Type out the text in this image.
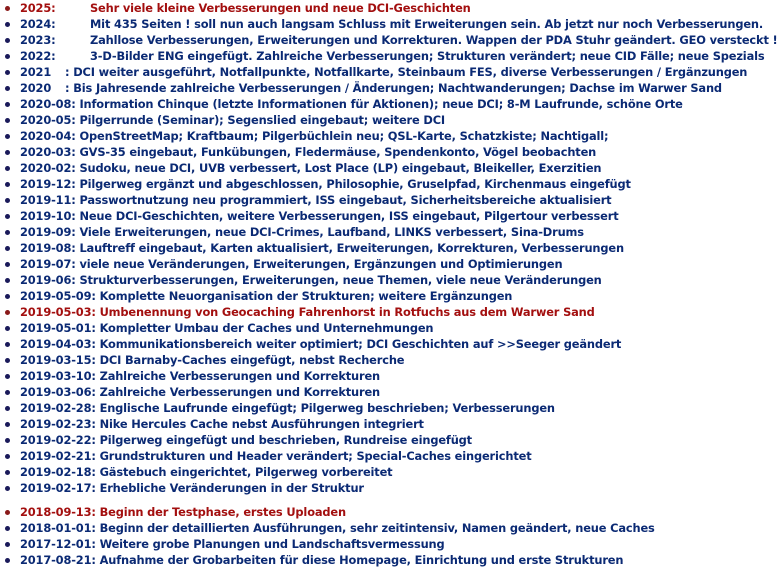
2025:	Sehr viele kleine Verbesserungen und neue DCI-Geschichten
2024:	Mit 435 Seiten ! soll nun auch langsam Schluss mit Erweiterungen sein. Ab jetzt nur noch Verbesserungen.
2023:	Zahllose Verbesserungen, Erweiterungen und Korrekturen. Wappen der PDA Stuhr geändert. GEO versteckt !
2022:	3-D-Bilder ENG eingefügt. Zahlreiche Verbesserungen; Strukturen verändert; neue CID Fälle; neue Spezials
2021 : DCI weiter ausgeführt, Notfallpunkte, Notfallkarte, Steinbaum FES, diverse Verbesserungen / Ergänzungen
2020 : Bis Jahresende zahlreiche Verbesserungen / Änderungen; Nachtwanderungen; Dachse im Warwer Sand
2020-08: Information Chinque (letzte Informationen für Aktionen); neue DCI; 8-M Laufrunde, schöne Orte
2020-05: Pilgerrunde (Seminar); Segenslied eingebaut; weitere DCI
2020-04: OpenStreetMap; Kraftbaum; Pilgerbüchlein neu; QSL-Karte, Schatzkiste; Nachtigall;
2020-03: GVS-35 eingebaut, Funkübungen, Fledermäuse, Spendenkonto, Vögel beobachten
2020-02: Sudoku, neue DCI, UVB verbessert, Lost Place (LP) eingebaut, Bleikeller, Exerzitien
2019-12: Pilgerweg ergänzt und abgeschlossen, Philosophie, Gruselpfad, Kirchenmaus eingefügt
2019-11: Passwortnutzung neu programmiert, ISS eingebaut, Sicherheitsbereiche aktualisiert
2019-10: Neue DCI-Geschichten, weitere Verbesserungen, ISS eingebaut, Pilgertour verbessert
2019-09: Viele Erweiterungen, neue DCI-Crimes, Laufband, LINKS verbessert, Sina-Drums
2019-08: Lauftreff eingebaut, Karten aktualisiert, Erweiterungen, Korrekturen, Verbesserungen
2019-07: viele neue Veränderungen, Erweiterungen, Ergänzungen und Optimierungen
2019-06: Strukturverbesserungen, Erweiterungen, neue Themen, viele neue Veränderungen
2019-05-09: Komplette Neuorganisation der Strukturen; weitere Ergänzungen
2019-05-03: Umbenennung von Geocaching Fahrenhorst in Rotfuchs aus dem Warwer Sand
2019-05-01: Kompletter Umbau der Caches und Unternehmungen
2019-04-03: Kommunikationsbereich weiter optimiert; DCI Geschichten auf >>Seeger geändert
2019-03-15: DCI Barnaby-Caches eingefügt, nebst Recherche
2019-03-10: Zahlreiche Verbesserungen und Korrekturen
2019-03-06: Zahlreiche Verbesserungen und Korrekturen
2019-02-28: Englische Laufrunde eingefügt; Pilgerweg beschrieben; Verbesserungen
2019-02-23: Nike Hercules Cache nebst Ausführungen integriert
2019-02-22: Pilgerweg eingefügt und beschrieben, Rundreise eingefügt
2019-02-21: Grundstrukturen und Header verändert; Special-Caches eingerichtet
2019-02-18: Gästebuch eingerichtet, Pilgerweg vorbereitet
2019-02-17: Erhebliche Veränderungen in der Struktur
2018-09-13: Beginn der Testphase, erstes Uploaden
2018-01-01: Beginn der detaillierten Ausführungen, sehr zeitintensiv, Namen geändert, neue Caches
2017-12-01: Weitere grobe Planungen und Landschaftsvermessung
2017-08-21: Aufnahme der Grobarbeiten für diese Homepage, Einrichtung und erste Strukturen
